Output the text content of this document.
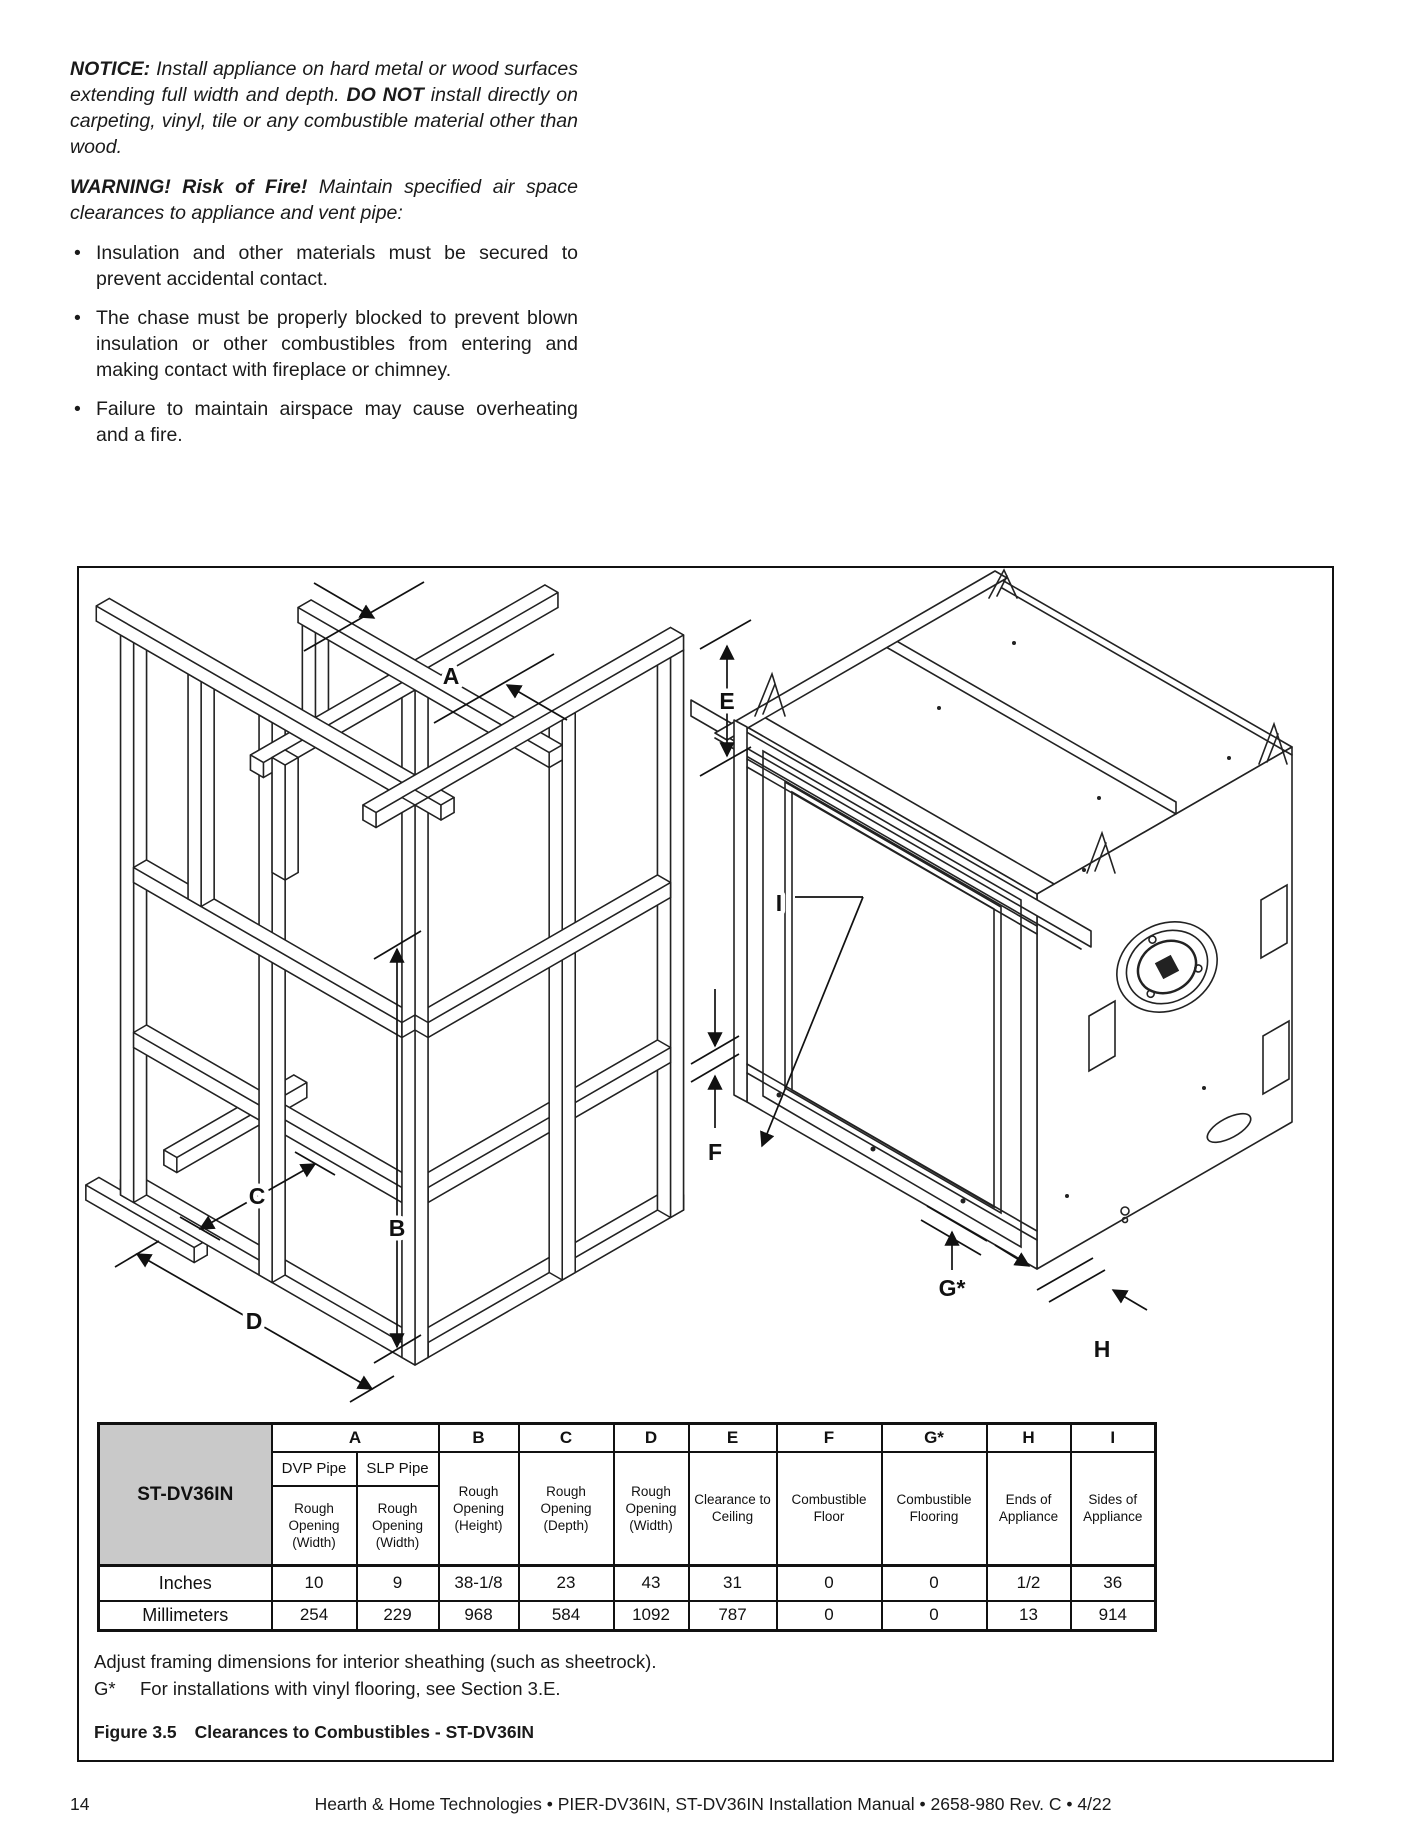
NOTICE: Install appliance on hard metal or wood surfaces extending full width and depth. DO NOT install directly on carpeting, vinyl, tile or any combustible material other than wood.

WARNING! Risk of Fire! Maintain specified air space clearances to appliance and vent pipe:

• Insulation and other materials must be secured to prevent accidental contact.
• The chase must be properly blocked to prevent blown insulation or other combustibles from entering and making contact with fireplace or chimney.
• Failure to maintain airspace may cause overheating and a fire.
A
B
C
D
E
F
G*
H
I
ST-DV36IN	A		B	C	D	E	F	G*	H	I
	DVP Pipe	SLP Pipe	Rough Opening (Height)	Rough Opening (Depth)	Rough Opening (Width)	Clearance to Ceiling	Combustible Floor	Combustible Flooring	Ends of Appliance	Sides of Appliance
	Rough Opening (Width)	Rough Opening (Width)								
Inches	10	9	38-1/8	23	43	31	0	0	1/2	36
Millimeters	254	229	968	584	1092	787	0	0	13	914
Adjust framing dimensions for interior sheathing (such as sheetrock).
G* For installations with vinyl flooring, see Section 3.E.
Figure 3.5 Clearances to Combustibles - ST-DV36IN
14	Hearth & Home Technologies • PIER-DV36IN, ST-DV36IN Installation Manual • 2658-980 Rev. C • 4/22
